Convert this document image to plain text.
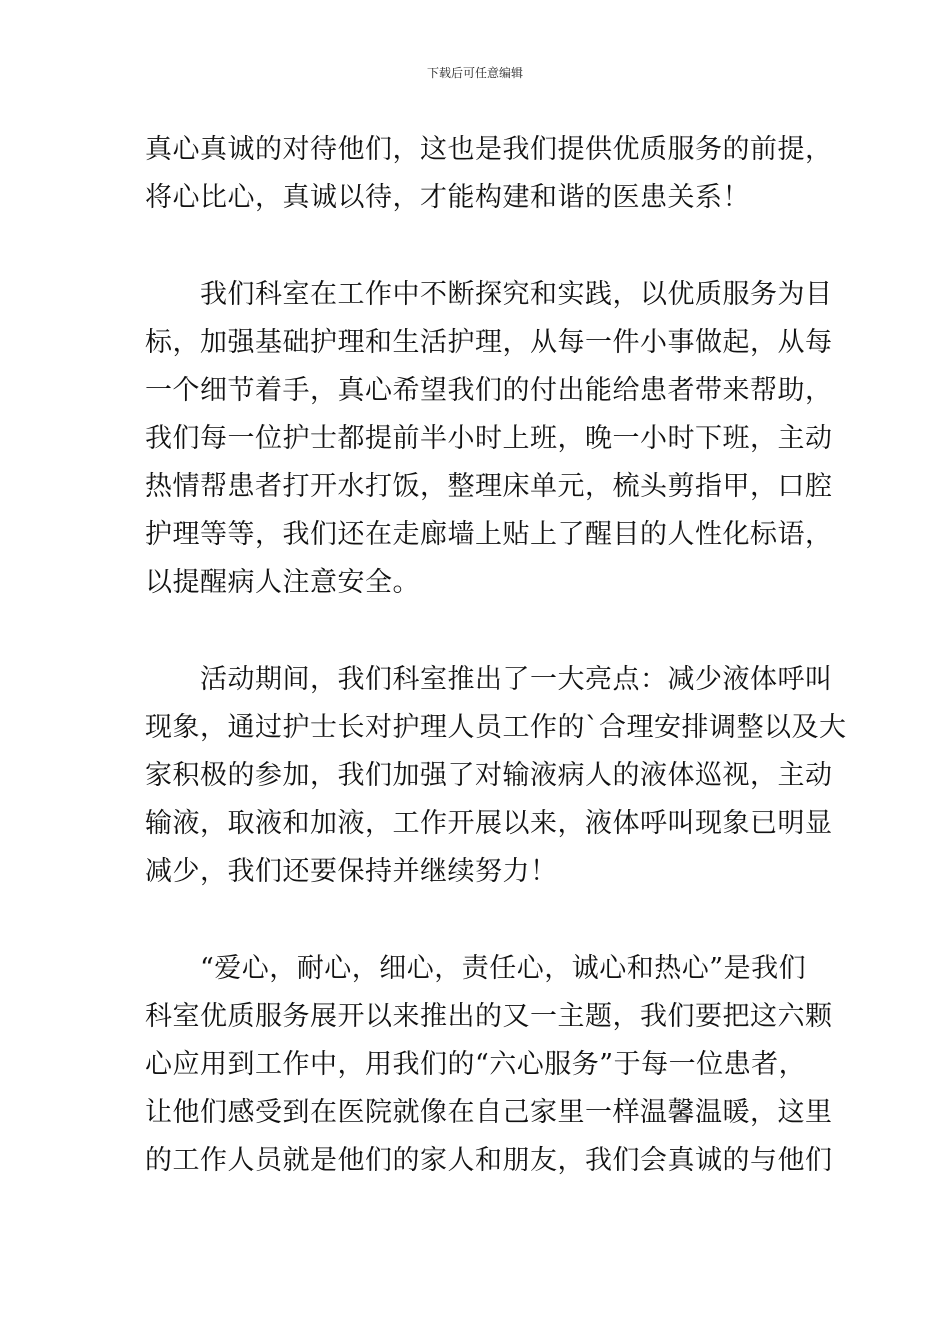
下载后可任意编辑
真心真诚的对待他们，这也是我们提供优质服务的前提，
将心比心，真诚以待，才能构建和谐的医患关系！
　　我们科室在工作中不断探究和实践，以优质服务为目
标，加强基础护理和生活护理，从每一件小事做起，从每
一个细节着手，真心希望我们的付出能给患者带来帮助，
我们每一位护士都提前半小时上班，晚一小时下班，主动
热情帮患者打开水打饭，整理床单元，梳头剪指甲，口腔
护理等等，我们还在走廊墙上贴上了醒目的人性化标语，
以提醒病人注意安全。
　　活动期间，我们科室推出了一大亮点：减少液体呼叫
现象，通过护士长对护理人员工作的`合理安排调整以及大
家积极的参加，我们加强了对输液病人的液体巡视，主动
输液，取液和加液，工作开展以来，液体呼叫现象已明显
减少，我们还要保持并继续努力！
　　“爱心，耐心，细心，责任心，诚心和热心”是我们
科室优质服务展开以来推出的又一主题，我们要把这六颗
心应用到工作中，用我们的“六心服务”于每一位患者，
让他们感受到在医院就像在自己家里一样温馨温暖，这里
的工作人员就是他们的家人和朋友，我们会真诚的与他们
